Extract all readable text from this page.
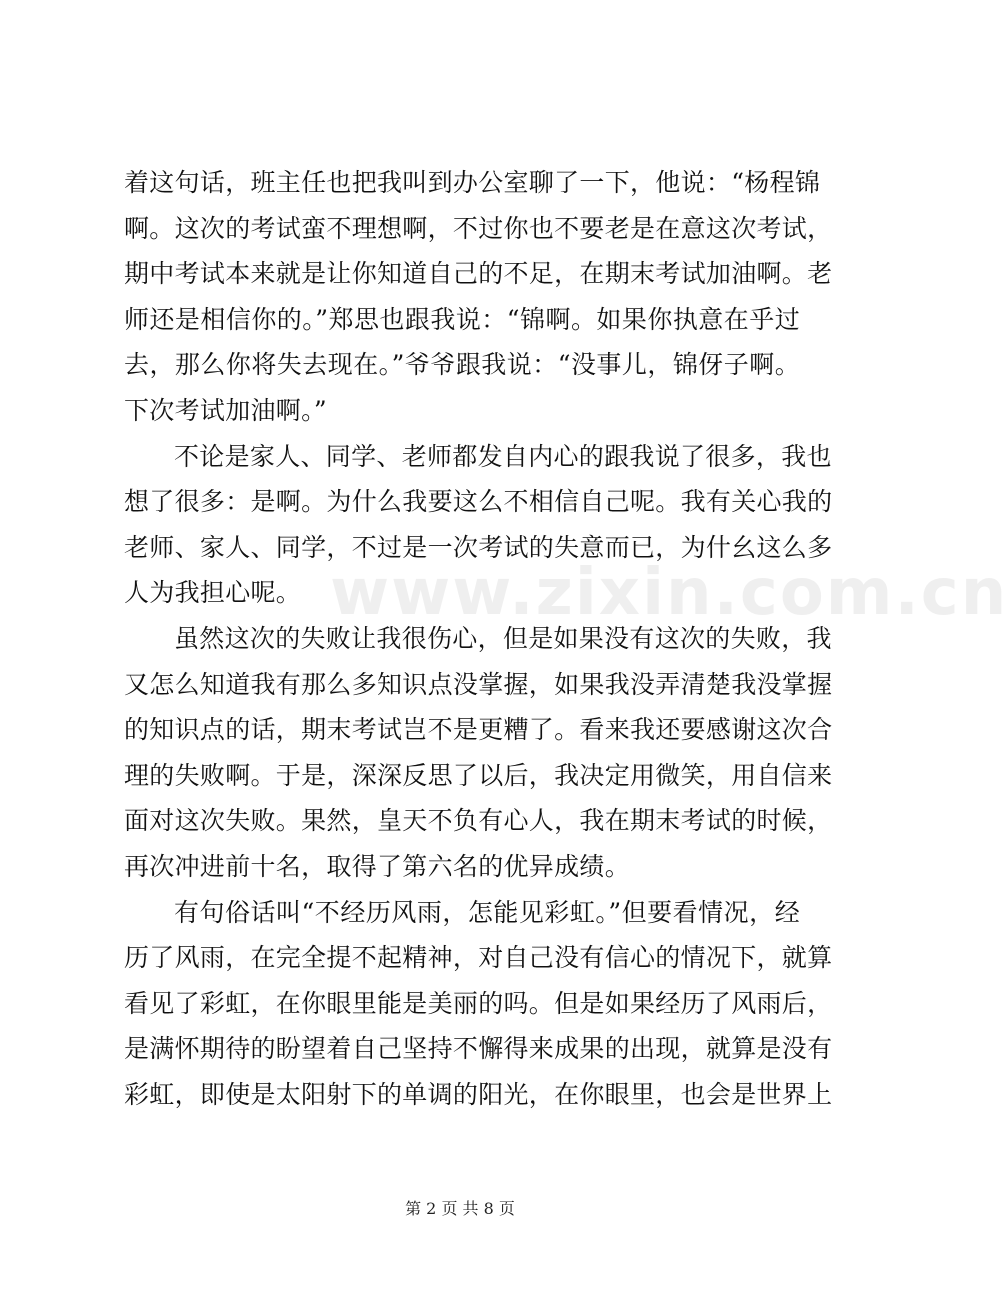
www.zixin.com.cn
着这句话，班主任也把我叫到办公室聊了一下，他说：“杨程锦
啊。这次的考试蛮不理想啊，不过你也不要老是在意这次考试，
期中考试本来就是让你知道自己的不足，在期末考试加油啊。老
师还是相信你的。”郑思也跟我说：“锦啊。如果你执意在乎过
去，那么你将失去现在。”爷爷跟我说：“没事儿，锦伢子啊。
下次考试加油啊。”
不论是家人、同学、老师都发自内心的跟我说了很多，我也
想了很多：是啊。为什么我要这么不相信自己呢。我有关心我的
老师、家人、同学，不过是一次考试的失意而已，为什幺这么多
人为我担心呢。
虽然这次的失败让我很伤心，但是如果没有这次的失败，我
又怎么知道我有那么多知识点没掌握，如果我没弄清楚我没掌握
的知识点的话，期末考试岂不是更糟了。看来我还要感谢这次合
理的失败啊。于是，深深反思了以后，我决定用微笑，用自信来
面对这次失败。果然，皇天不负有心人，我在期末考试的时候，
再次冲进前十名，取得了第六名的优异成绩。
有句俗话叫“不经历风雨，怎能见彩虹。”但要看情况，经
历了风雨，在完全提不起精神，对自己没有信心的情况下，就算
看见了彩虹，在你眼里能是美丽的吗。但是如果经历了风雨后，
是满怀期待的盼望着自己坚持不懈得来成果的出现，就算是没有
彩虹，即使是太阳射下的单调的阳光，在你眼里，也会是世界上
第 2 页 共 8 页
